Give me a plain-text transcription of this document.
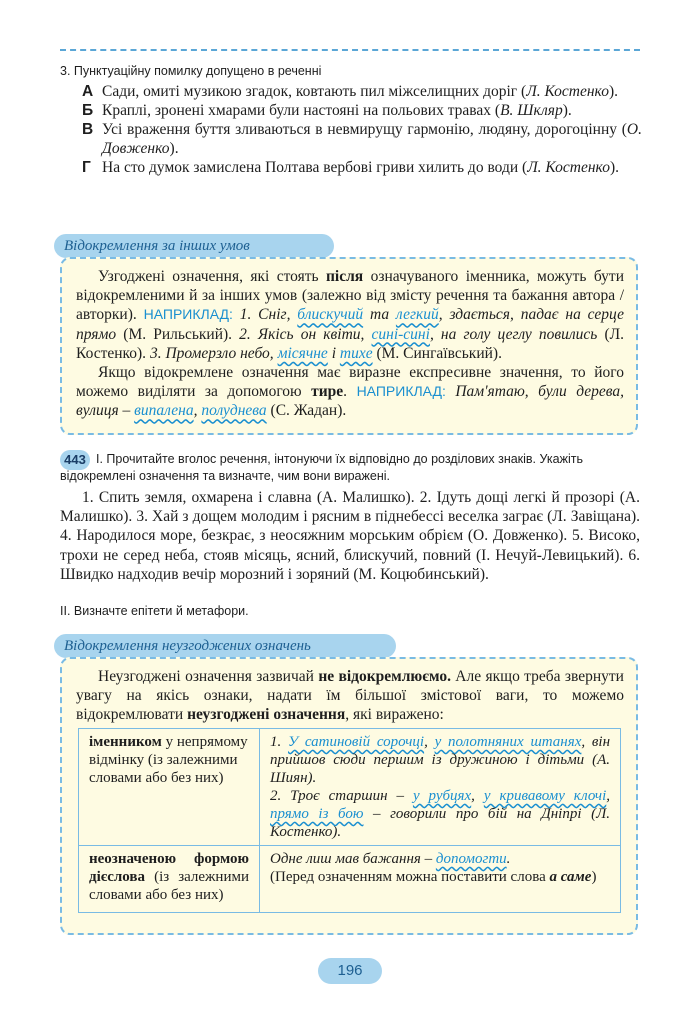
3. Пунктуаційну помилку допущено в реченні
А Сади, омиті музикою згадок, ковтають пил міжселищних доріг (Л. Костенко).
Б Краплі, зронені хмарами були настояні на польових травах (В. Шкляр).
В Усі враження буття зливаються в невмирущу гармонію, людяну, дорогоцінну (О. Довженко).
Г На сто думок замислена Полтава вербові гриви хилить до води (Л. Костенко).
Відокремлення за інших умов
Узгоджені означення, які стоять після означуваного іменника, можуть бути відокремленими й за інших умов (залежно від змісту речення та бажання автора / авторки). НАПРИКЛАД: 1. Сніг, блискучий та легкий, здається, падає на серце прямо (М. Рильський). 2. Якісь он квіти, сині-сині, на голу цеглу повились (Л. Костенко). 3. Промерзло небо, місячне і тихе (М. Сингаївський).
Якщо відокремлене означення має виразне експресивне значення, то його можемо виділяти за допомогою тире. НАПРИКЛАД: Пам'ятаю, були дерева, вулиця – випалена, полуднева (С. Жадан).
443 І. Прочитайте вголос речення, інтонуючи їх відповідно до розділових знаків. Укажіть відокремлені означення та визначте, чим вони виражені.
1. Спить земля, охмарена і славна (А. Малишко). 2. Ідуть дощі легкі й прозорі (А. Малишко). 3. Хай з дощем молодим і рясним в піднебессі веселка заграє (Л. Завіщана). 4. Народилося море, безкрає, з неосяжним морським обрієм (О. Довженко). 5. Високо, трохи не серед неба, стояв місяць, ясний, блискучий, повний (І. Нечуй-Левицький). 6. Швидко надходив вечір морозний і зоряний (М. Коцюбинський).
ІІ. Визначте епітети й метафори.
Відокремлення неузгоджених означень
Неузгоджені означення зазвичай не відокремлюємо. Але якщо треба звернути увагу на якісь ознаки, надати їм більшої змістової ваги, то можемо відокремлювати неузгоджені означення, які виражено:
іменником у непрямому відмінку (із залежними словами або без них)	1. У сатиновій сорочці, у полотняних штанях, він прийшов сюди першим із дружиною і дітьми (А. Шиян).
2. Троє старшин – у рубцях, у кривавому клочі, прямо із бою – говорили про бій на Дніпрі (Л. Костенко).
неозначеною формою дієслова (із залежними словами або без них)	Одне лиш мав бажання – допомогти.
(Перед означенням можна поставити слова а саме)
196
